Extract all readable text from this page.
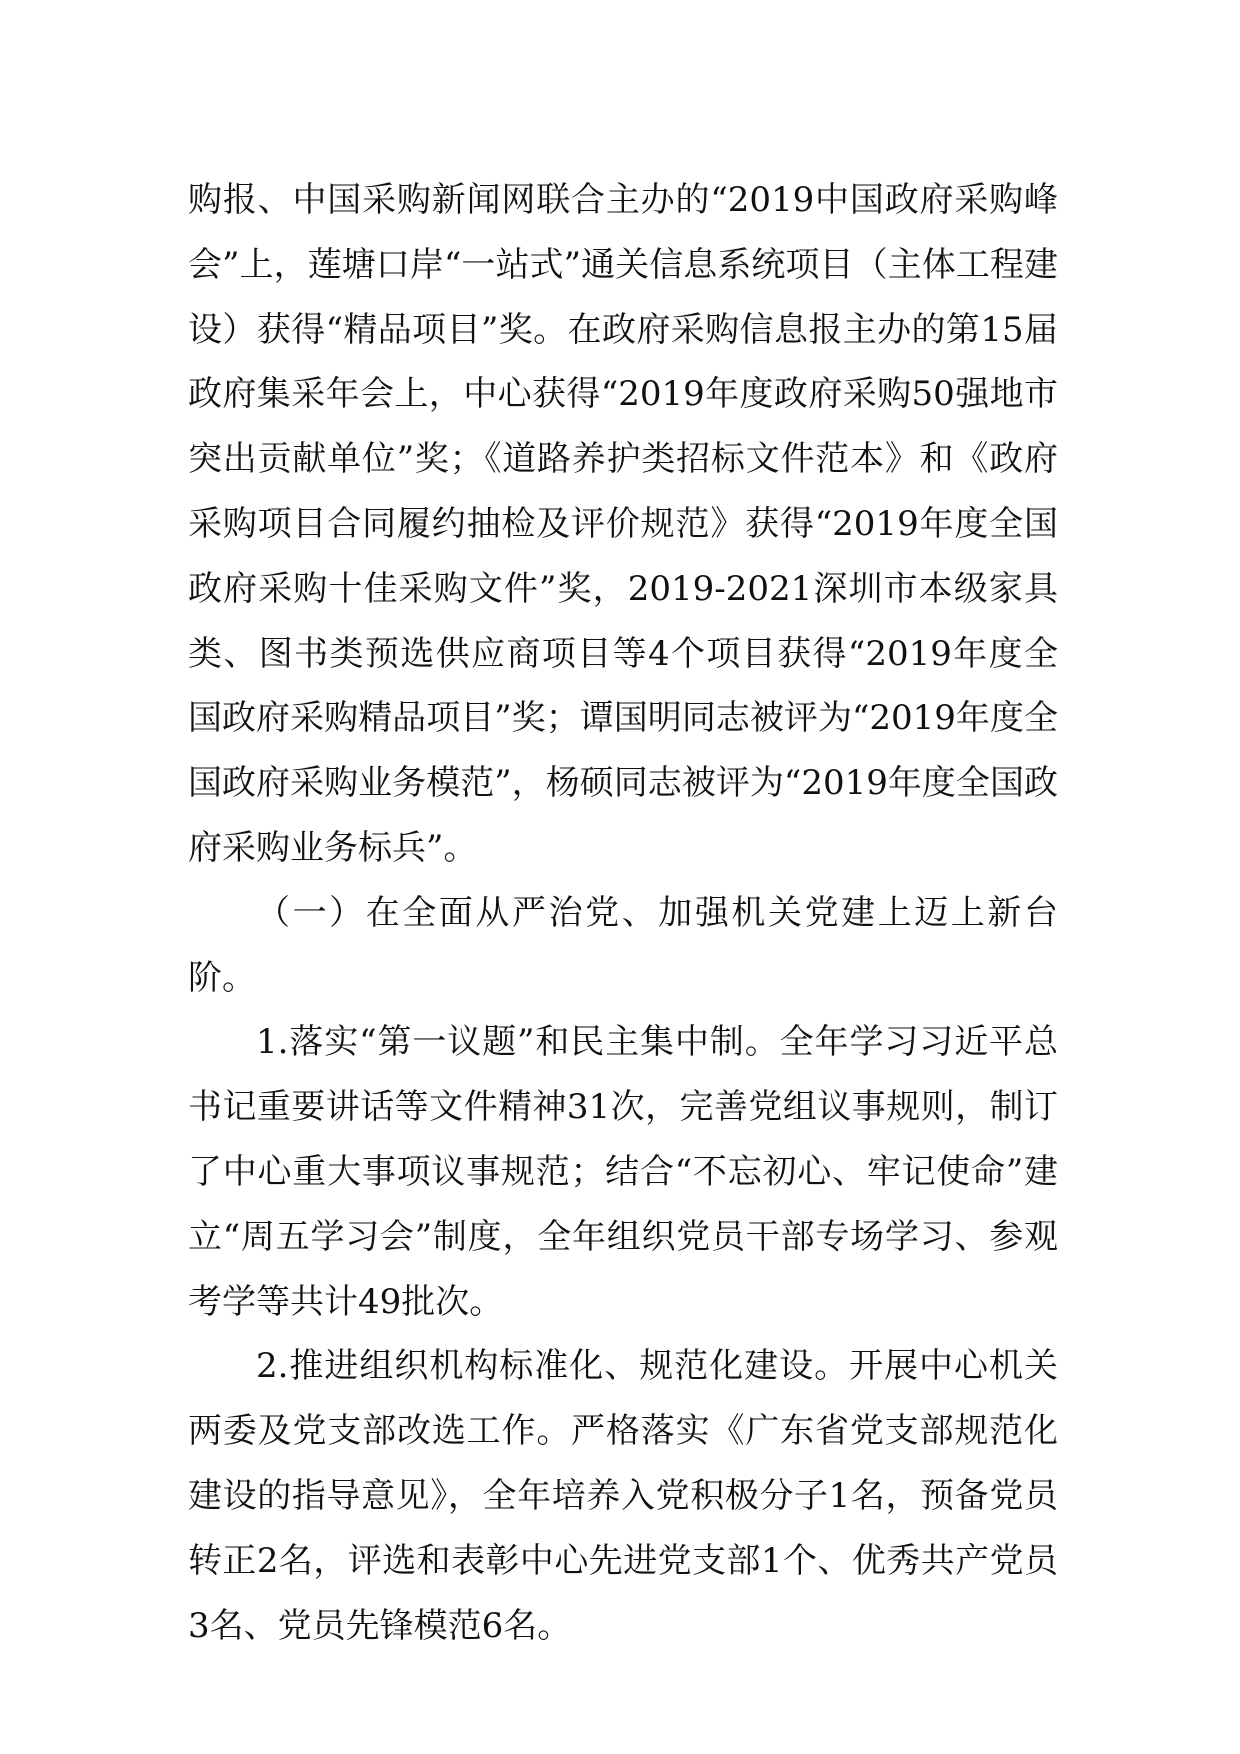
购报、中国采购新闻网联合主办的“2019中国政府采购峰会”上，莲塘口岸“一站式”通关信息系统项目（主体工程建设）获得“精品项目”奖。在政府采购信息报主办的第15届政府集采年会上，中心获得“2019年度政府采购50强地市突出贡献单位”奖；《道路养护类招标文件范本》和《政府采购项目合同履约抽检及评价规范》获得“2019年度全国政府采购十佳采购文件”奖，2019-2021深圳市本级家具类、图书类预选供应商项目等4个项目获得“2019年度全国政府采购精品项目”奖；谭国明同志被评为“2019年度全国政府采购业务模范”，杨硕同志被评为“2019年度全国政府采购业务标兵”。

（一）在全面从严治党、加强机关党建上迈上新台阶。

1.落实“第一议题”和民主集中制。全年学习习近平总书记重要讲话等文件精神31次，完善党组议事规则，制订了中心重大事项议事规范；结合“不忘初心、牢记使命”建立“周五学习会”制度，全年组织党员干部专场学习、参观考学等共计49批次。

2.推进组织机构标准化、规范化建设。开展中心机关两委及党支部改选工作。严格落实《广东省党支部规范化建设的指导意见》，全年培养入党积极分子1名，预备党员转正2名，评选和表彰中心先进党支部1个、优秀共产党员3名、党员先锋模范6名。
